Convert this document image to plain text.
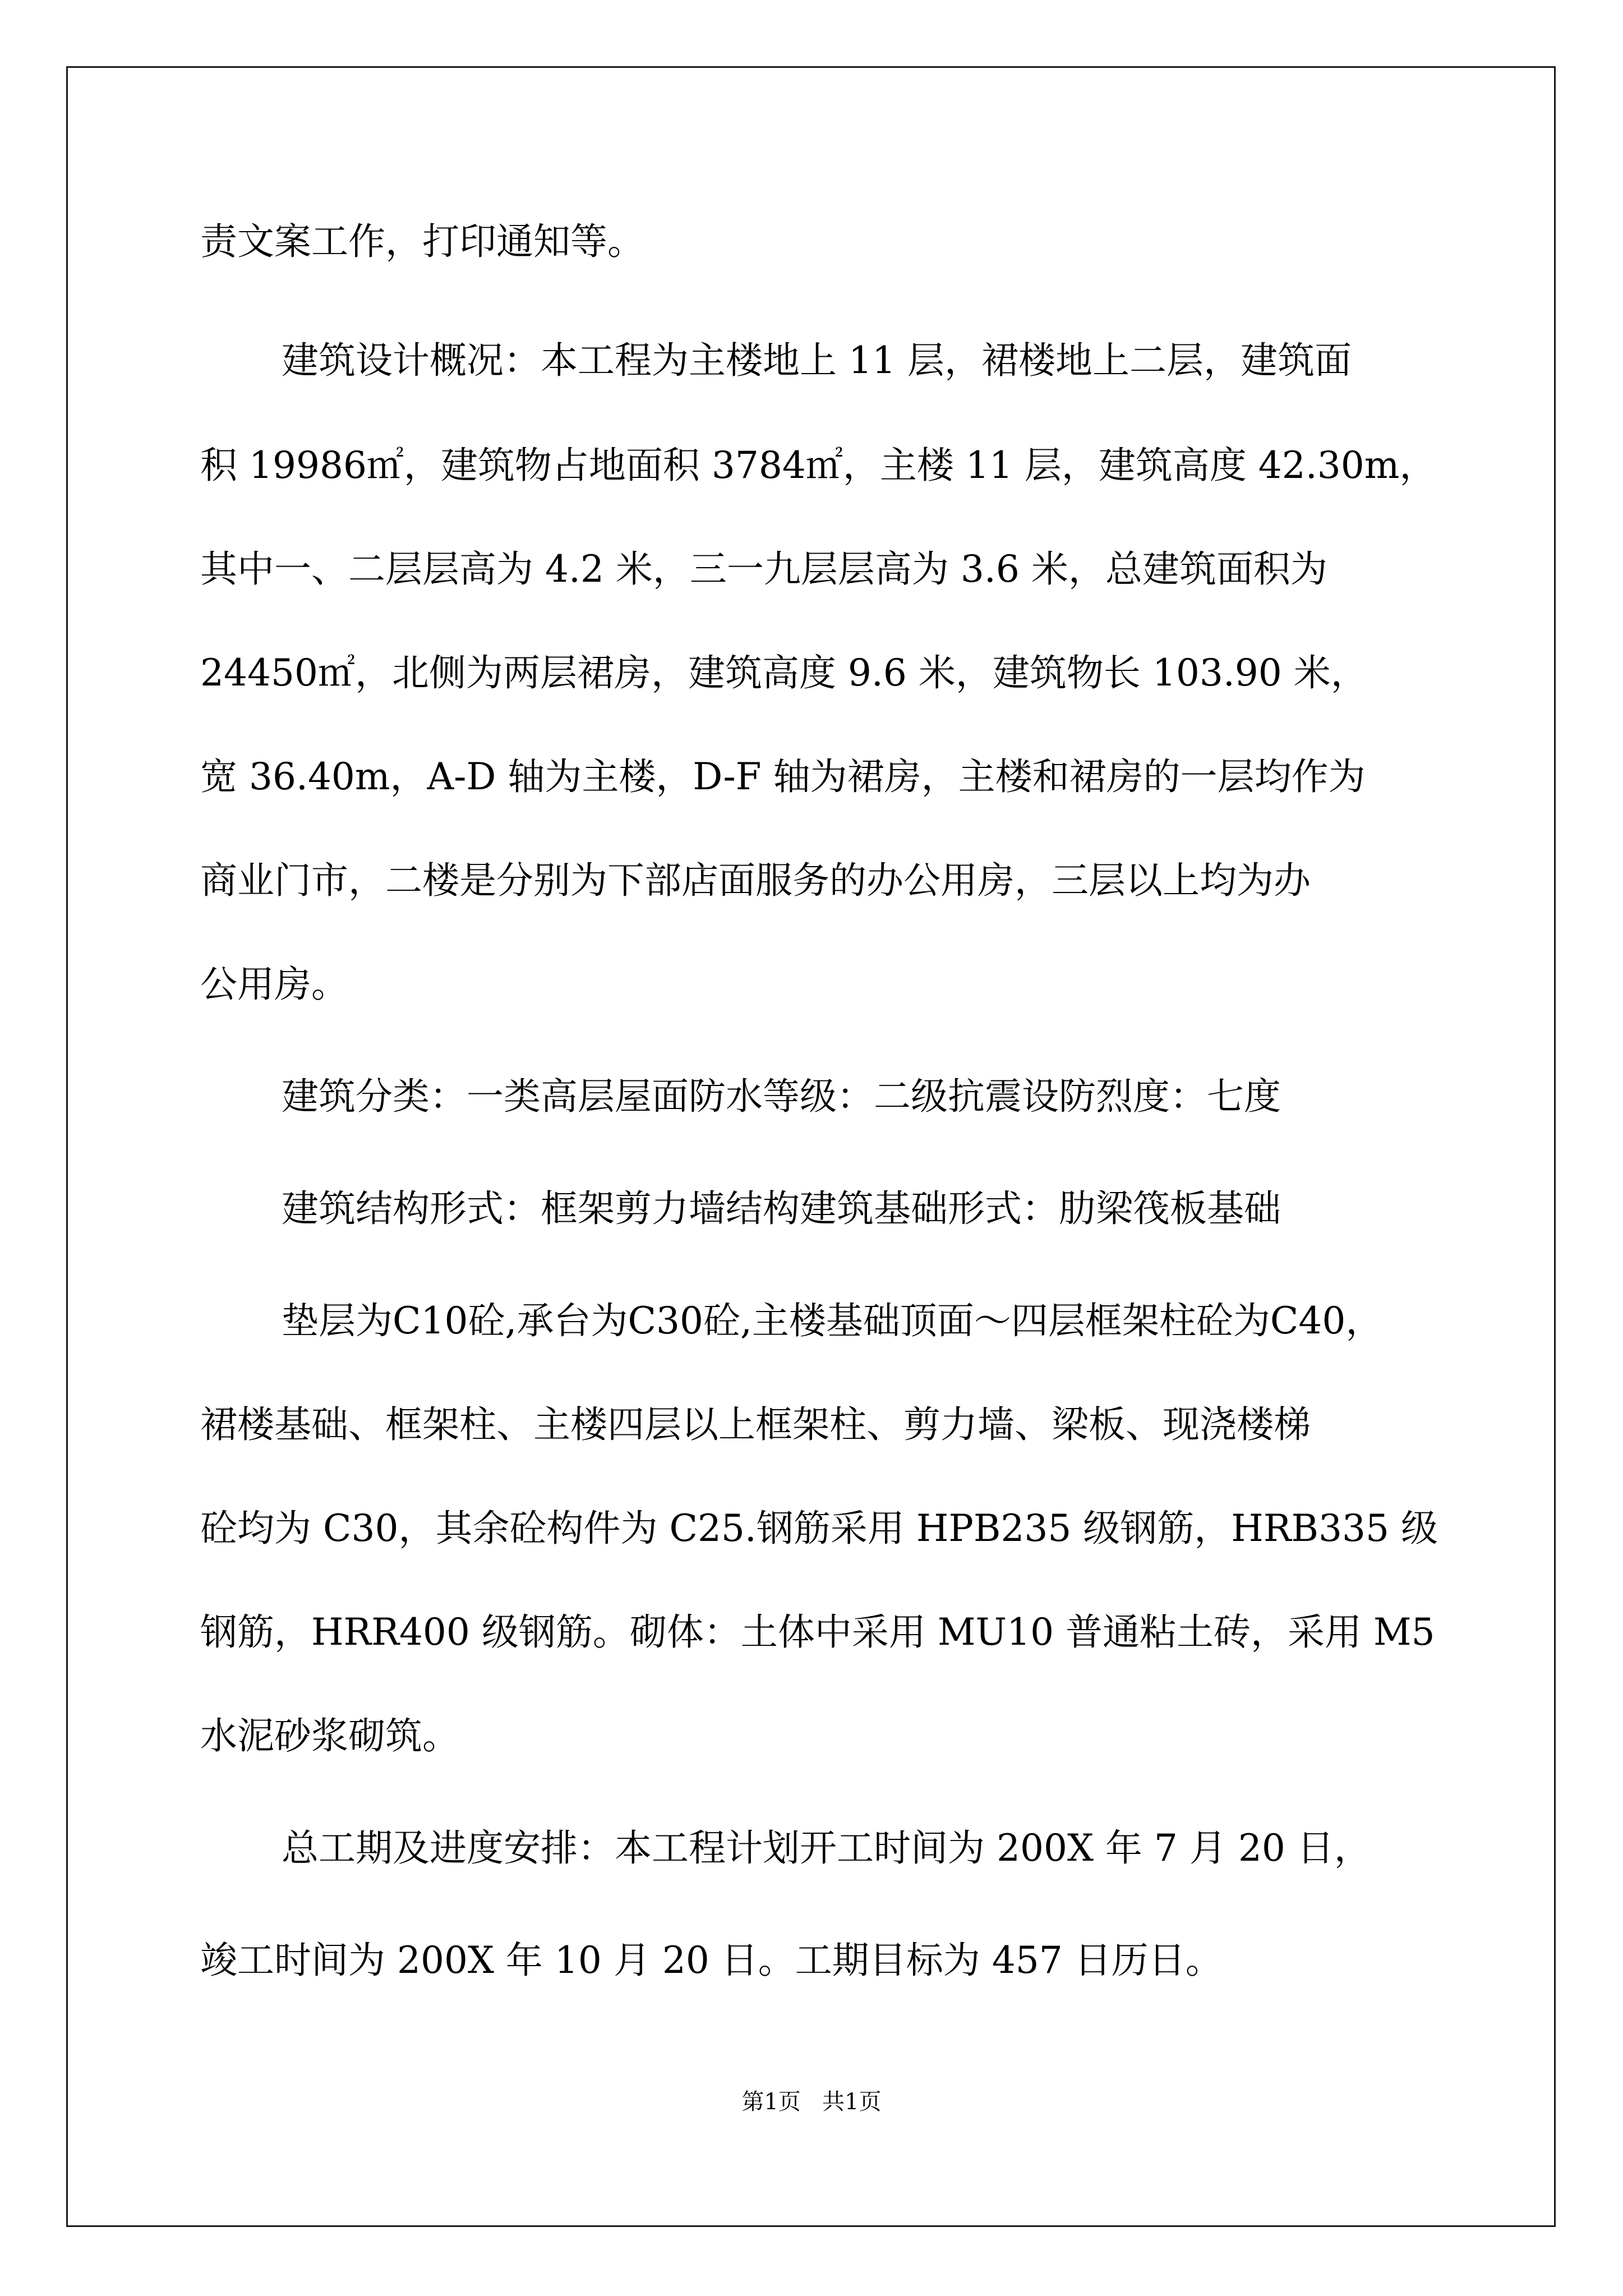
责文案工作，打印通知等。
建筑设计概况：本工程为主楼地上 11 层，裙楼地上二层，建筑面
积 19986㎡，建筑物占地面积 3784㎡，主楼 11 层，建筑高度 42.30m，
其中一、二层层高为 4.2 米，三一九层层高为 3.6 米，总建筑面积为
24450㎡，北侧为两层裙房，建筑高度 9.6 米，建筑物长 103.90 米，
宽 36.40m，A-D 轴为主楼，D-F 轴为裙房，主楼和裙房的一层均作为
商业门市，二楼是分别为下部店面服务的办公用房，三层以上均为办
公用房。
建筑分类：一类高层屋面防水等级：二级抗震设防烈度：七度
建筑结构形式：框架剪力墙结构建筑基础形式：肋梁筏板基础
垫层为C10砼,承台为C30砼,主楼基础顶面～四层框架柱砼为C40，
裙楼基础、框架柱、主楼四层以上框架柱、剪力墙、梁板、现浇楼梯
砼均为 C30，其余砼构件为 C25.钢筋采用 HPB235 级钢筋，HRB335 级
钢筋，HRR400 级钢筋。砌体：土体中采用 MU10 普通粘土砖，采用 M5
水泥砂浆砌筑。
总工期及进度安排：本工程计划开工时间为 200X 年 7 月 20 日，
竣工时间为 200X 年 10 月 20 日。工期目标为 457 日历日。
第1页   共1页
